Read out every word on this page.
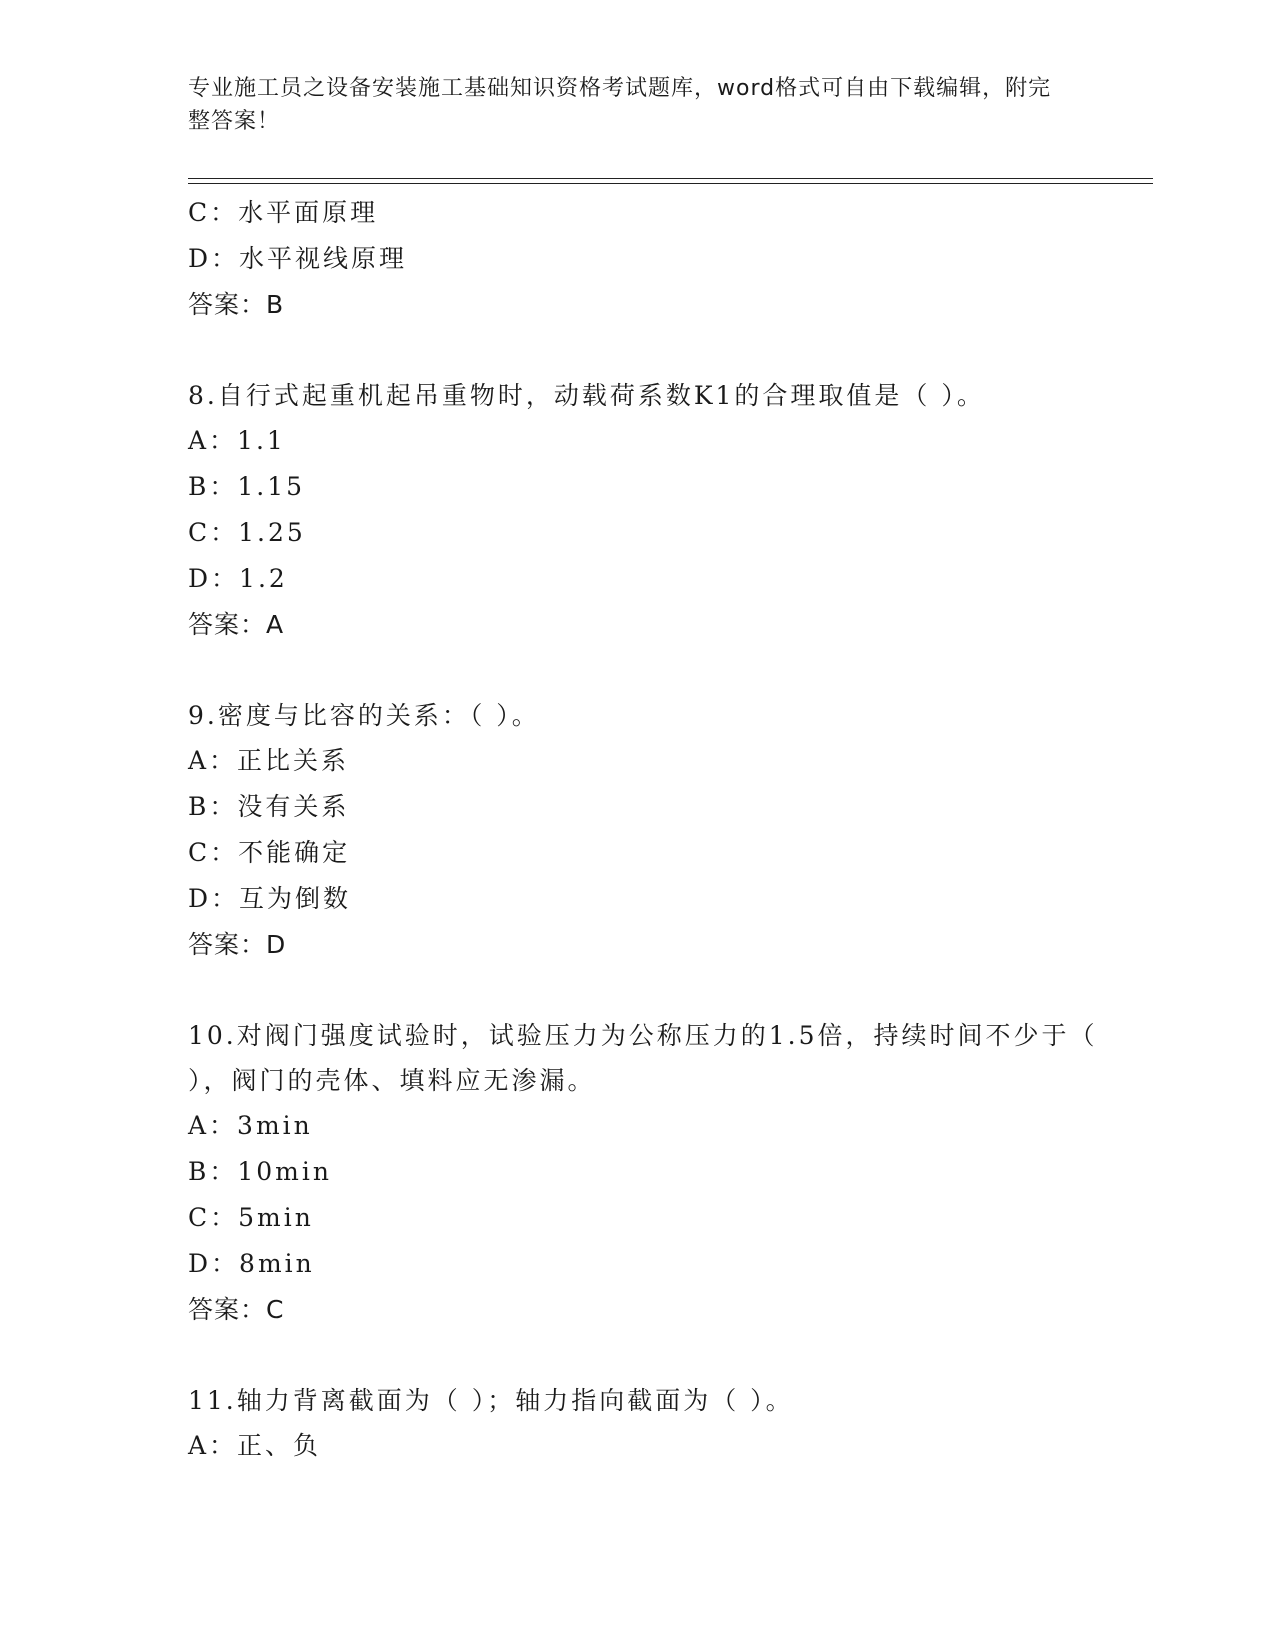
专业施工员之设备安装施工基础知识资格考试题库，word格式可自由下载编辑，附完整答案！
C：水平面原理
D：水平视线原理
答案：B
8.自行式起重机起吊重物时，动载荷系数K1的合理取值是（ ）。
A：1.1
B：1.15
C：1.25
D：1.2
答案：A
9.密度与比容的关系：（ ）。
A：正比关系
B：没有关系
C：不能确定
D：互为倒数
答案：D
10.对阀门强度试验时，试验压力为公称压力的1.5倍，持续时间不少于（ ），阀门的壳体、填料应无渗漏。
A：3min
B：10min
C：5min
D：8min
答案：C
11.轴力背离截面为（ ）；轴力指向截面为（ ）。
A：正、负
